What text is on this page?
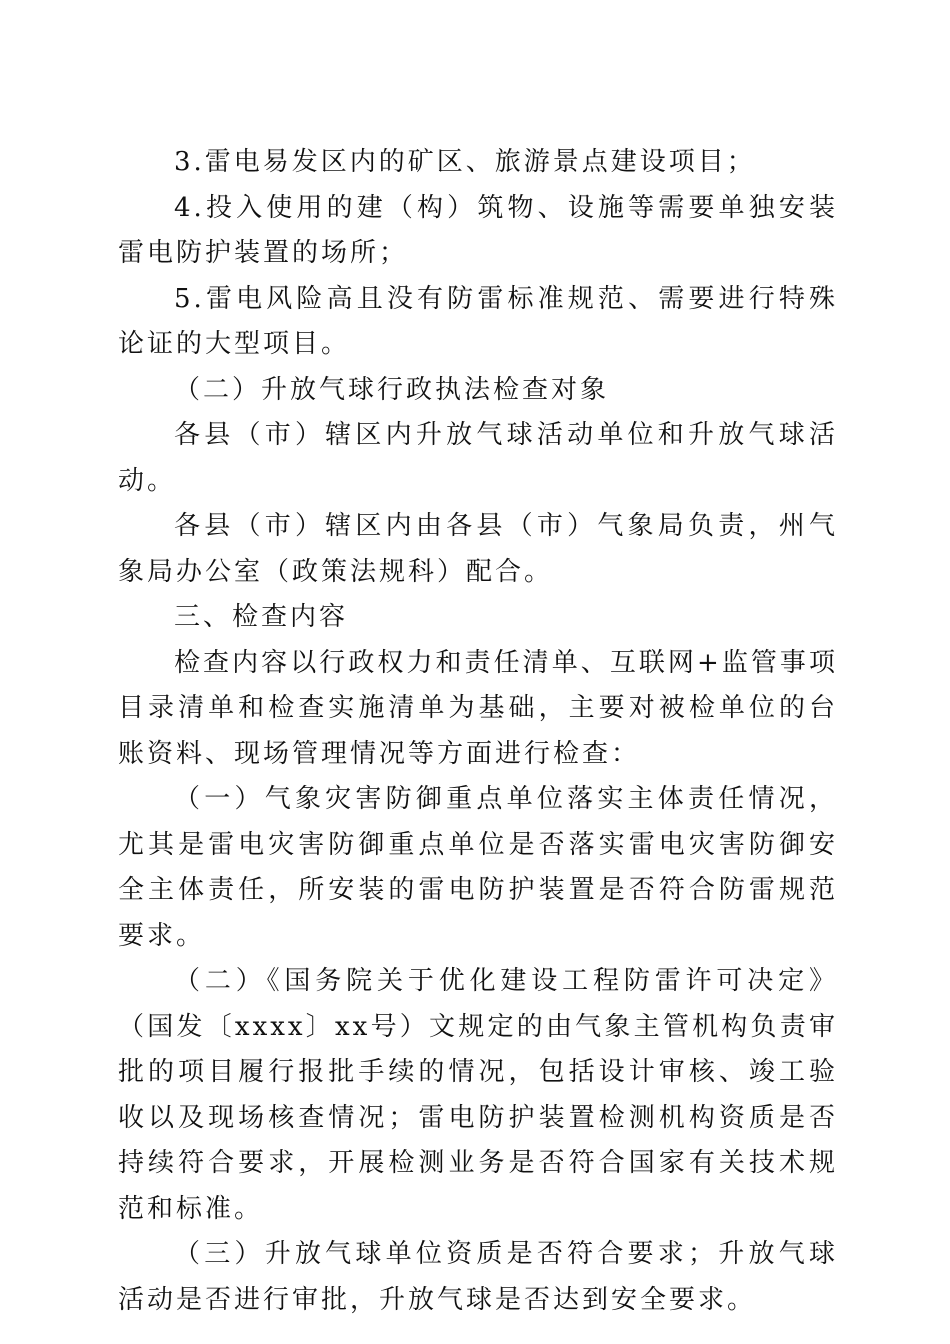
3.雷电易发区内的矿区、旅游景点建设项目；

4.投入使用的建（构）筑物、设施等需要单独安装雷电防护装置的场所；

5.雷电风险高且没有防雷标准规范、需要进行特殊论证的大型项目。

（二）升放气球行政执法检查对象

各县（市）辖区内升放气球活动单位和升放气球活动。

各县（市）辖区内由各县（市）气象局负责，州气象局办公室（政策法规科）配合。

三、检查内容

检查内容以行政权力和责任清单、互联网+监管事项目录清单和检查实施清单为基础，主要对被检单位的台账资料、现场管理情况等方面进行检查：

（一）气象灾害防御重点单位落实主体责任情况，尤其是雷电灾害防御重点单位是否落实雷电灾害防御安全主体责任，所安装的雷电防护装置是否符合防雷规范要求。

（二）《国务院关于优化建设工程防雷许可决定》（国发〔xxxx〕xx号）文规定的由气象主管机构负责审批的项目履行报批手续的情况，包括设计审核、竣工验收以及现场核查情况；雷电防护装置检测机构资质是否持续符合要求，开展检测业务是否符合国家有关技术规范和标准。

（三）升放气球单位资质是否符合要求；升放气球活动是否进行审批，升放气球是否达到安全要求。
